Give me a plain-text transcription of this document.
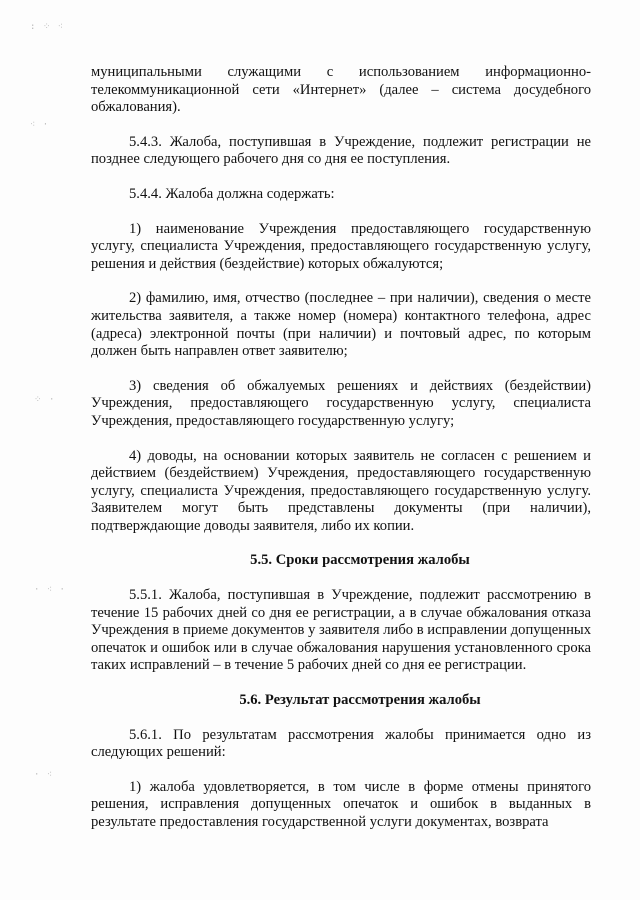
: ⁘ ⁖
⁖ ·
⁘ ·
· ⁖ ·
· ⁖

муниципальными служащими с использованием информационно-телекоммуникационной сети «Интернет» (далее – система досудебного обжалования).

5.4.3. Жалоба, поступившая в Учреждение, подлежит регистрации не позднее следующего рабочего дня со дня ее поступления.

5.4.4. Жалоба должна содержать:

1) наименование Учреждения предоставляющего государственную услугу, специалиста Учреждения, предоставляющего государственную услугу, решения и действия (бездействие) которых обжалуются;

2) фамилию, имя, отчество (последнее – при наличии), сведения о месте жительства заявителя, а также номер (номера) контактного телефона, адрес (адреса) электронной почты (при наличии) и почтовый адрес, по которым должен быть направлен ответ заявителю;

3) сведения об обжалуемых решениях и действиях (бездействии) Учреждения, предоставляющего государственную услугу, специалиста Учреждения, предоставляющего государственную услугу;

4) доводы, на основании которых заявитель не согласен с решением и действием (бездействием) Учреждения, предоставляющего государственную услугу, специалиста Учреждения, предоставляющего государственную услугу. Заявителем могут быть представлены документы (при наличии), подтверждающие доводы заявителя, либо их копии.

5.5. Сроки рассмотрения жалобы

5.5.1. Жалоба, поступившая в Учреждение, подлежит рассмотрению в течение 15 рабочих дней со дня ее регистрации, а в случае обжалования отказа Учреждения в приеме документов у заявителя либо в исправлении допущенных опечаток и ошибок или в случае обжалования нарушения установленного срока таких исправлений – в течение 5 рабочих дней со дня ее регистрации.

5.6. Результат рассмотрения жалобы

5.6.1. По результатам рассмотрения жалобы принимается одно из следующих решений:

1) жалоба удовлетворяется, в том числе в форме отмены принятого решения, исправления допущенных опечаток и ошибок в выданных в результате предоставления государственной услуги документах, возврата
